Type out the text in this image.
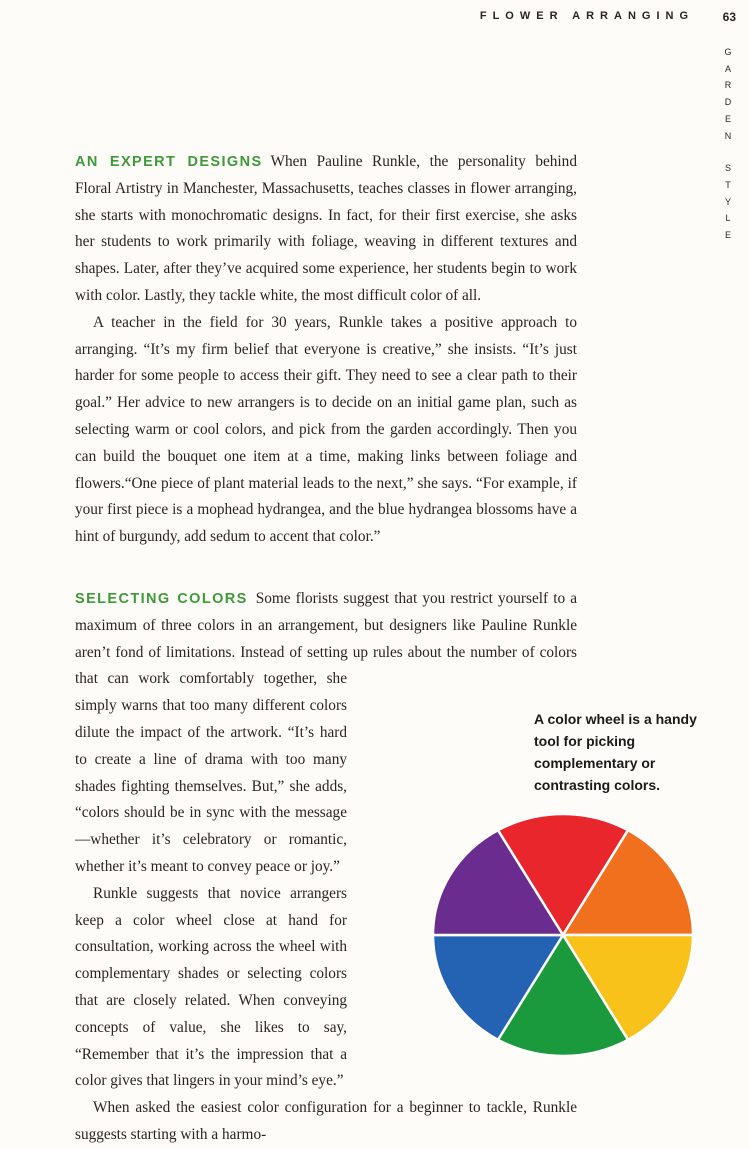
FLOWER ARRANGING 63
G
A
R
D
E
N
S
T
Y
L
E

AN EXPERT DESIGNS When Pauline Runkle, the personality behind Floral Artistry in Manchester, Massachusetts, teaches classes in flower arranging, she starts with monochromatic designs. In fact, for their first exercise, she asks her students to work primarily with foliage, weaving in different textures and shapes. Later, after they’ve acquired some experience, her students begin to work with color. Lastly, they tackle white, the most difficult color of all.

A teacher in the field for 30 years, Runkle takes a positive approach to arranging. “It’s my firm belief that everyone is creative,” she insists. “It’s just harder for some people to access their gift. They need to see a clear path to their goal.” Her advice to new arrangers is to decide on an initial game plan, such as selecting warm or cool colors, and pick from the garden accordingly. Then you can build the bouquet one item at a time, making links between foliage and flowers.“One piece of plant material leads to the next,” she says. “For example, if your first piece is a mophead hydrangea, and the blue hydrangea blossoms have a hint of burgundy, add sedum to accent that color.”

SELECTING COLORS Some florists suggest that you restrict yourself to a maximum of three colors in an arrangement, but designers like Pauline Runkle aren’t fond of limitations. Instead of setting up rules about the number of colors that can work comfortably together, she simply warns that too many different colors dilute the impact of the artwork. “It’s hard to create a line of drama with too many shades fighting themselves. But,” she adds, “colors should be in sync with the message—whether it’s celebratory or romantic, whether it’s meant to convey peace or joy.”

Runkle suggests that novice arrangers keep a color wheel close at hand for consultation, working across the wheel with complementary shades or selecting colors that are closely related. When conveying concepts of value, she likes to say, “Remember that it’s the impression that a color gives that lingers in your mind’s eye.”

When asked the easiest color configuration for a beginner to tackle, Runkle suggests starting with a harmo-

A color wheel is a handy tool for picking complementary or contrasting colors.
